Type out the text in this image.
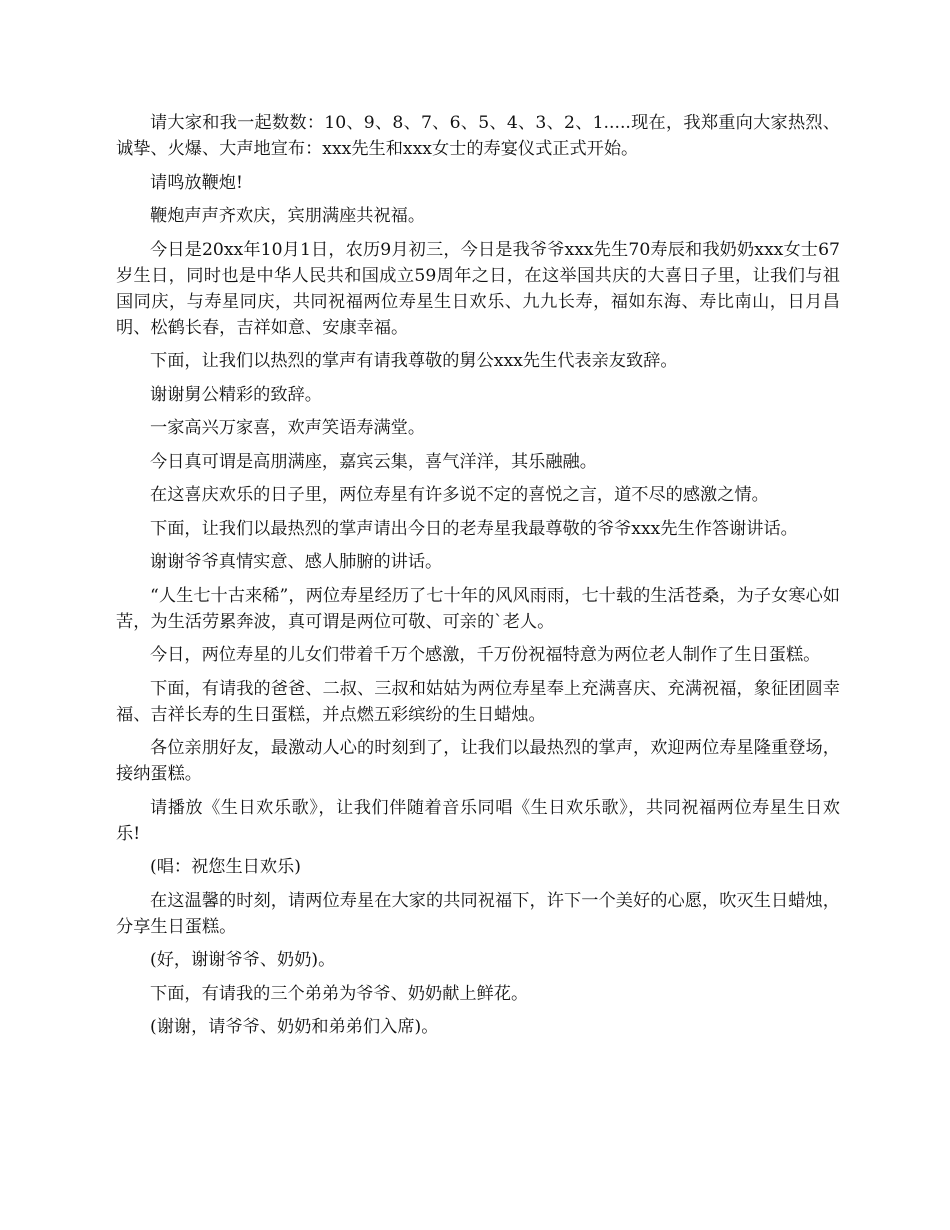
请大家和我一起数数：10、9、8、7、6、5、4、3、2、1.....现在，我郑重向大家热烈、诚挚、火爆、大声地宣布：xxx先生和xxx女士的寿宴仪式正式开始。

请鸣放鞭炮!

鞭炮声声齐欢庆，宾朋满座共祝福。

今日是20xx年10月1日，农历9月初三，今日是我爷爷xxx先生70寿辰和我奶奶xxx女士67岁生日，同时也是中华人民共和国成立59周年之日，在这举国共庆的大喜日子里，让我们与祖国同庆，与寿星同庆，共同祝福两位寿星生日欢乐、九九长寿，福如东海、寿比南山，日月昌明、松鹤长春，吉祥如意、安康幸福。

下面，让我们以热烈的掌声有请我尊敬的舅公xxx先生代表亲友致辞。

谢谢舅公精彩的致辞。

一家高兴万家喜，欢声笑语寿满堂。

今日真可谓是高朋满座，嘉宾云集，喜气洋洋，其乐融融。

在这喜庆欢乐的日子里，两位寿星有许多说不定的喜悦之言，道不尽的感激之情。

下面，让我们以最热烈的掌声请出今日的老寿星我最尊敬的爷爷xxx先生作答谢讲话。

谢谢爷爷真情实意、感人肺腑的讲话。

“人生七十古来稀”，两位寿星经历了七十年的风风雨雨，七十载的生活苍桑，为子女寒心如苦，为生活劳累奔波，真可谓是两位可敬、可亲的`老人。

今日，两位寿星的儿女们带着千万个感激，千万份祝福特意为两位老人制作了生日蛋糕。

下面，有请我的爸爸、二叔、三叔和姑姑为两位寿星奉上充满喜庆、充满祝福，象征团圆幸福、吉祥长寿的生日蛋糕，并点燃五彩缤纷的生日蜡烛。

各位亲朋好友，最激动人心的时刻到了，让我们以最热烈的掌声，欢迎两位寿星隆重登场，接纳蛋糕。

请播放《生日欢乐歌》，让我们伴随着音乐同唱《生日欢乐歌》，共同祝福两位寿星生日欢乐!

(唱：祝您生日欢乐)

在这温馨的时刻，请两位寿星在大家的共同祝福下，许下一个美好的心愿，吹灭生日蜡烛，分享生日蛋糕。

(好，谢谢爷爷、奶奶)。

下面，有请我的三个弟弟为爷爷、奶奶献上鲜花。

(谢谢，请爷爷、奶奶和弟弟们入席)。
